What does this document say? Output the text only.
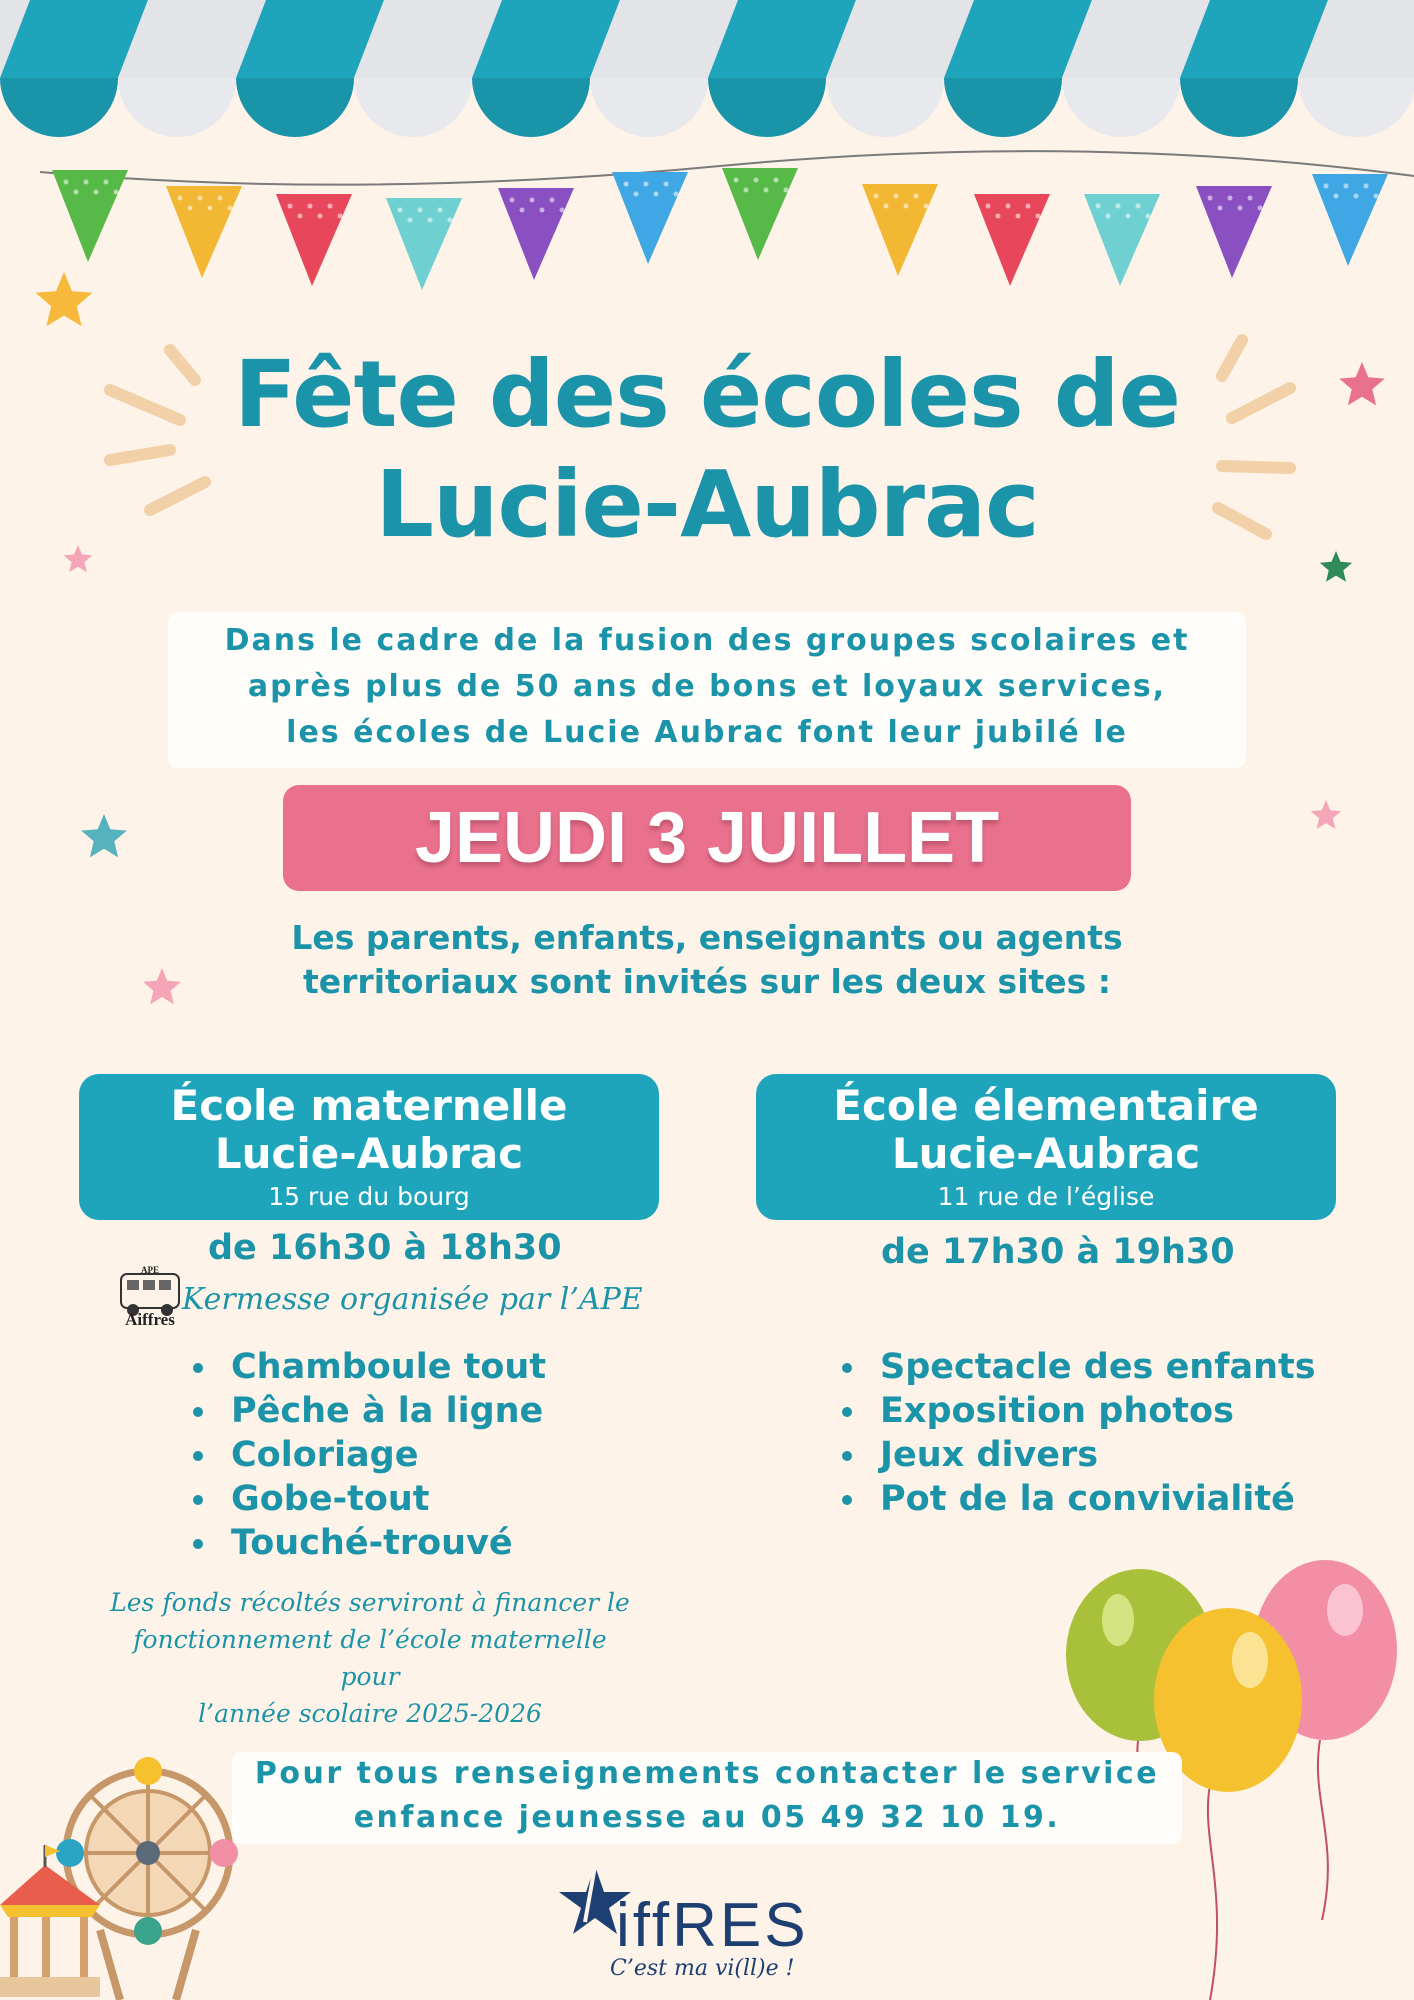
Fête des écoles de
Lucie-Aubrac
Dans le cadre de la fusion des groupes scolaires et
après plus de 50 ans de bons et loyaux services,
les écoles de Lucie Aubrac font leur jubilé le
JEUDI 3 JUILLET
Les parents, enfants, enseignants ou agents
territoriaux sont invités sur les deux sites :
École maternelle
Lucie-Aubrac
15 rue du bourg
de 16h30 à 18h30
APE
Aiffres
Kermesse organisée par l’APE
Chamboule tout
Pêche à la ligne
Coloriage
Gobe-tout
Touché-trouvé
École élementaire
Lucie-Aubrac
11 rue de l’église
de 17h30 à 19h30
Spectacle des enfants
Exposition photos
Jeux divers
Pot de la convivialité
Les fonds récoltés serviront à financer le
fonctionnement de l’école maternelle pour
l’année scolaire 2025-2026
Pour tous renseignements contacter le service
enfance jeunesse au 05 49 32 10 19.
iffRES
C’est ma vi(ll)e !
